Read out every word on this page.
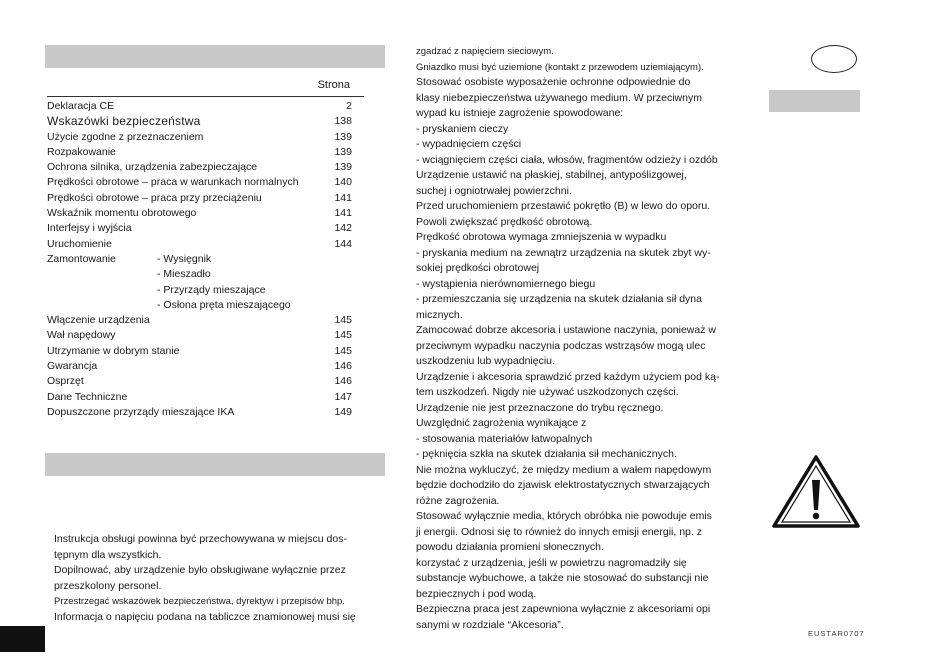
Strona
Deklaracja CE	2
Wskazówki bezpieczeństwa	138
Użycie zgodne z przeznaczeniem	139
Rozpakowanie	139
Ochrona silnika, urządzenia zabezpieczające	139
Prędkości obrotowe – praca w warunkach normalnych	140
Prędkości obrotowe – praca przy przeciążeniu	141
Wskaźnik momentu obrotowego	141
Interfejsy i wyjścia	142
Uruchomienie	144
Zamontowanie	- Wysięgnik
- Mieszadło
- Przyrządy mieszające
- Osłona pręta mieszającego
Włączenie urządzenia	145
Wał napędowy	145
Utrzymanie w dobrym stanie	145
Gwarancja	146
Osprzęt	146
Dane Techniczne	147
Dopuszczone przyrządy mieszające IKA	149
Instrukcja obsługi powinna być przechowywana w miejscu dos-
tępnym dla wszystkich.
Dopilnować, aby urządzenie było obsługiwane wyłącznie przez
przeszkolony personel.
Przestrzegać wskazówek bezpieczeństwa, dyrektyw i przepisów bhp.
Informacja o napięciu podana na tabliczce znamionowej musi się
zgadzać z napięciem sieciowym.
Gniazdko musi być uziemione (kontakt z przewodem uziemiającym).
Stosować osobiste wyposażenie ochronne odpowiednie do
klasy niebezpieczeństwa używanego medium. W przeciwnym
wypad ku istnieje zagrożenie spowodowane:
- pryskaniem cieczy
- wypadnięciem części
- wciągnięciem części ciała, włosów, fragmentów odzieży i ozdób
Urządzenie ustawić na płaskiej, stabilnej, antypoślizgowej,
suchej i ogniotrwałej powierzchni.
Przed uruchomieniem przestawić pokrętło (B) w lewo do oporu.
Powoli zwiększać prędkość obrotową.
Prędkość obrotowa wymaga zmniejszenia w wypadku
- pryskania medium na zewnątrz urządzenia na skutek zbyt wy-
sokiej prędkości obrotowej
- wystąpienia nierównomiernego biegu
- przemieszczania się urządzenia na skutek działania sił dyna
micznych.
Zamocować dobrze akcesoria i ustawione naczynia, ponieważ w
przeciwnym wypadku naczynia podczas wstrząsów mogą ulec
uszkodzeniu lub wypadnięciu.
Urządzenie i akcesoria sprawdzić przed każdym użyciem pod ką-
tem uszkodzeń. Nigdy nie używać uszkodzonych części.
Urządzenie nie jest przeznaczone do trybu ręcznego.
Uwzględnić zagrożenia wynikające z
- stosowania materiałów łatwopalnych
- pęknięcia szkła na skutek działania sił mechanicznych.
Nie można wykluczyć, że między medium a wałem napędowym
będzie dochodziło do zjawisk elektrostatycznych stwarzających
różne zagrożenia.
Stosować wyłącznie media, których obróbka nie powoduje emis
ji energii. Odnosi się to również do innych emisji energii, np. z
powodu działania promieni słonecznych.
korzystać z urządzenia, jeśli w powietrzu nagromadziły się
substancje wybuchowe, a także nie stosować do substancji nie
bezpiecznych i pod wodą.
Bezpieczna praca jest zapewniona wyłącznie z akcesoriami opi
sanymi w rozdziale “Akcesoria”.
EUSTAR0707
